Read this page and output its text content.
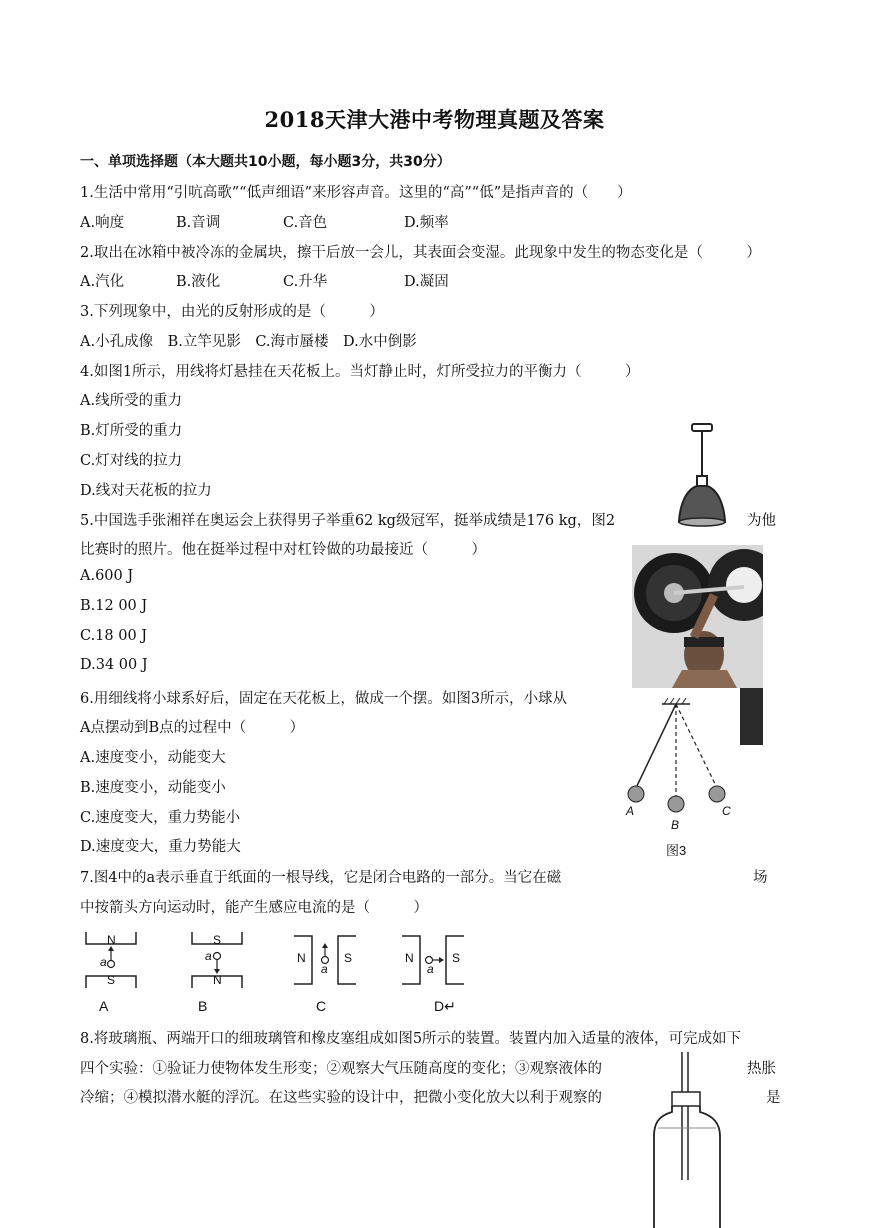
2018天津大港中考物理真题及答案
一、单项选择题（本大题共10小题，每小题3分，共30分）
1.生活中常用“引吭高歌”“低声细语”来形容声音。这里的“高”“低”是指声音的（　　）
A.响度	B.音调	C.音色	D.频率
2.取出在冰箱中被冷冻的金属块，擦干后放一会儿，其表面会变湿。此现象中发生的物态变化是（　　　）
A.汽化	B.液化	C.升华	D.凝固
3.下列现象中，由光的反射形成的是（　　　）
A.小孔成像　B.立竿见影　C.海市蜃楼　D.水中倒影
4.如图1所示，用线将灯悬挂在天花板上。当灯静止时，灯所受拉力的平衡力（　　　）
A.线所受的重力
B.灯所受的重力
C.灯对线的拉力
D.线对天花板的拉力
5.中国选手张湘祥在奥运会上获得男子举重62 kg级冠军，挺举成绩是176 kg，图2	为他
比赛时的照片。他在挺举过程中对杠铃做的功最接近（　　　）
A.600 J
B.12 00 J
C.18 00 J
D.34 00 J
6.用细线将小球系好后，固定在天花板上，做成一个摆。如图3所示，小球从
A点摆动到B点的过程中（　　　）
A.速度变小，动能变大
B.速度变小，动能变小
C.速度变大，重力势能小
D.速度变大，重力势能大
A
B
C
图3
7.图4中的a表示垂直于纸面的一根导线，它是闭合电路的一部分。当它在磁	场
中按箭头方向运动时，能产生感应电流的是（　　　）
N
S
a
S
N
a	N	S
a
N	S
a
A	B	C	D↵
8.将玻璃瓶、两端开口的细玻璃管和橡皮塞组成如图5所示的装置。装置内加入适量的液体，可完成如下
四个实验：①验证力使物体发生形变；②观察大气压随高度的变化；③观察液体的	热胀
冷缩；④模拟潜水艇的浮沉。在这些实验的设计中，把微小变化放大以利于观察的	是
